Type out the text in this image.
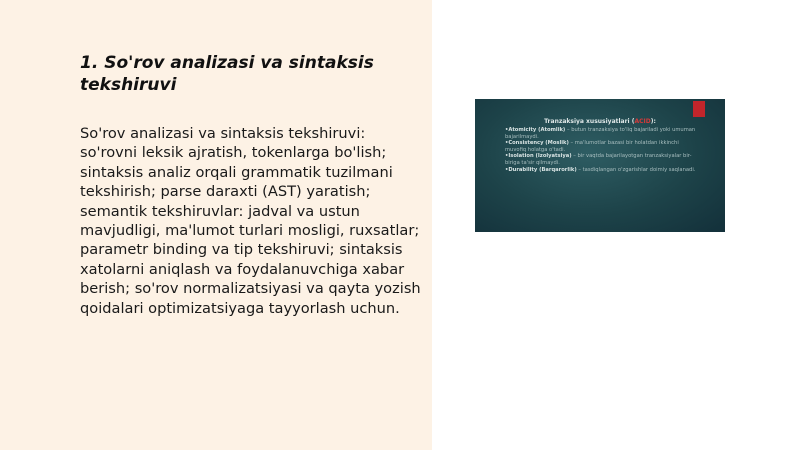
1. So'rov analizasi va sintaksis tekshiruvi

So'rov analizasi va sintaksis tekshiruvi: so'rovni leksik ajratish, tokenlarga bo'lish; sintaksis analiz orqali grammatik tuzilmani tekshirish; parse daraxti (AST) yaratish; semantik tekshiruvlar: jadval va ustun mavjudligi, ma'lumot turlari mosligi, ruxsatlar; parametr binding va tip tekshiruvi; sintaksis xatolarni aniqlash va foydalanuvchiga xabar berish; so'rov normalizatsiyasi va qayta yozish qoidalari optimizatsiyaga tayyorlash uchun.

Tranzaksiya xususiyatlari (ACID):
•Atomicity (Atomlik) – butun tranzaksiya to'liq bajariladi yoki umuman bajarilmaydi.
•Consistency (Moslik) – ma'lumotlar bazasi bir holatdan ikkinchi muvofiq holatga o'tadi.
•Isolation (Izolyatsiya) – bir vaqtda bajarilayotgan tranzaksiyalar bir-biriga ta'sir qilmaydi.
•Durability (Barqarorlik) – tasdiqlangan o'zgarishlar doimiy saqlanadi.
